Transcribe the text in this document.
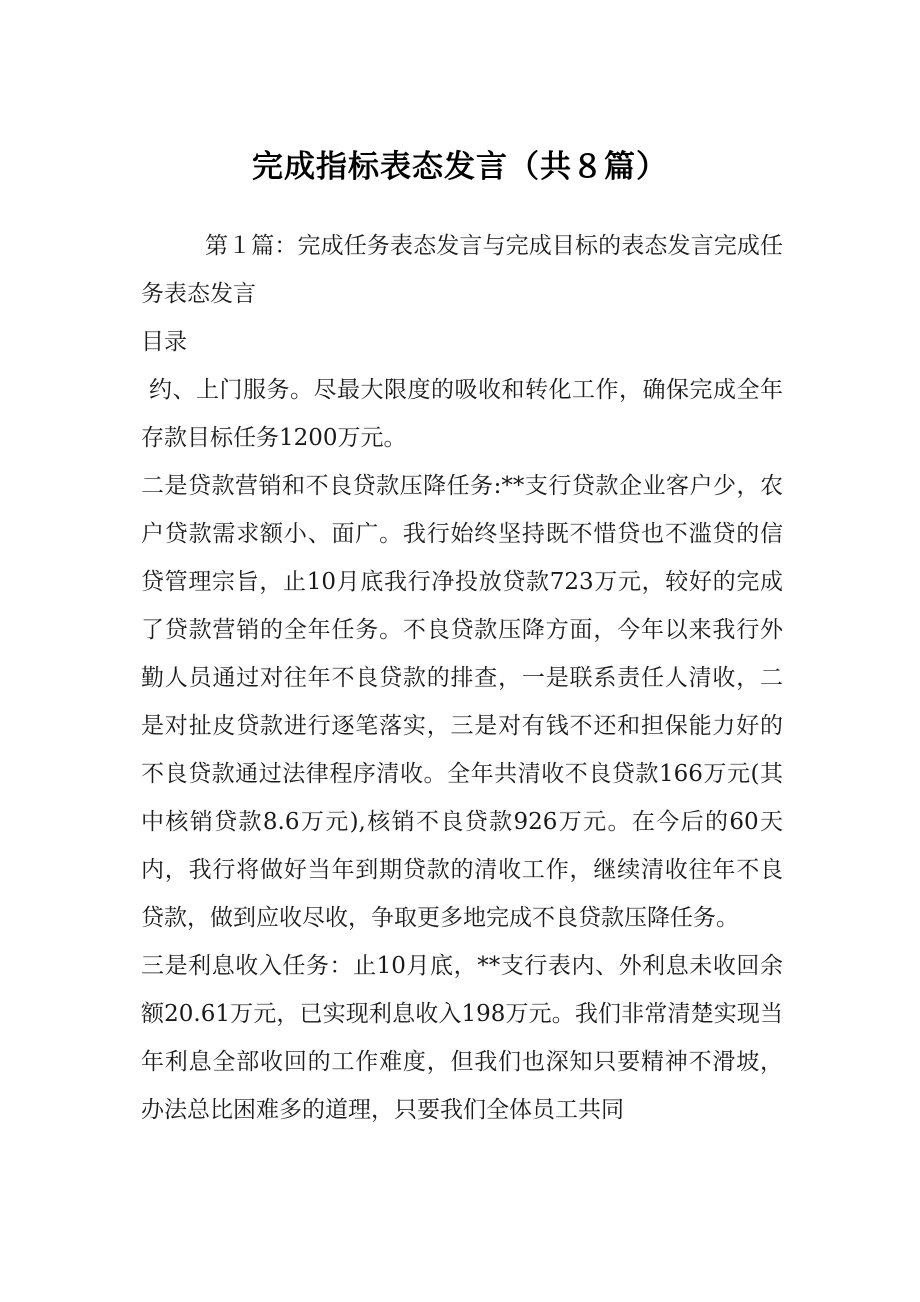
完成指标表态发言（共８篇）

第１篇：完成任务表态发言与完成目标的表态发言完成任务表态发言

目录

约、上门服务。尽最大限度的吸收和转化工作，确保完成全年存款目标任务1200万元。

二是贷款营销和不良贷款压降任务:**支行贷款企业客户少，农户贷款需求额小、面广。我行始终坚持既不惜贷也不滥贷的信贷管理宗旨，止10月底我行净投放贷款723万元，较好的完成了贷款营销的全年任务。不良贷款压降方面，今年以来我行外勤人员通过对往年不良贷款的排查，一是联系责任人清收，二是对扯皮贷款进行逐笔落实，三是对有钱不还和担保能力好的不良贷款通过法律程序清收。全年共清收不良贷款166万元(其中核销贷款8.6万元),核销不良贷款926万元。在今后的60天内，我行将做好当年到期贷款的清收工作，继续清收往年不良贷款，做到应收尽收，争取更多地完成不良贷款压降任务。

三是利息收入任务：止10月底，**支行表内、外利息未收回余额20.61万元，已实现利息收入198万元。我们非常清楚实现当年利息全部收回的工作难度，但我们也深知只要精神不滑坡，办法总比困难多的道理，只要我们全体员工共同
